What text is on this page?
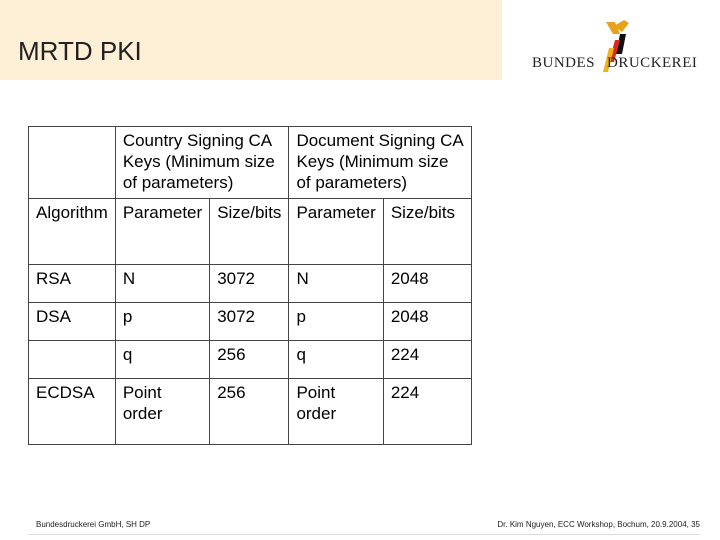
MRTD PKI	BUNDES DRUCKEREI
	Country Signing CA Keys (Minimum size of parameters)		Document Signing CA Keys (Minimum size of parameters)	
Algorithm	Parameter	Size/bits	Parameter	Size/bits
RSA	N	3072	N	2048
DSA	p	3072	p	2048
	q	256	q	224
ECDSA	Point order	256	Point order	224
Bundesdruckerei GmbH, SH DP	Dr. Kim Nguyen, ECC Workshop, Bochum, 20.9.2004, 35
